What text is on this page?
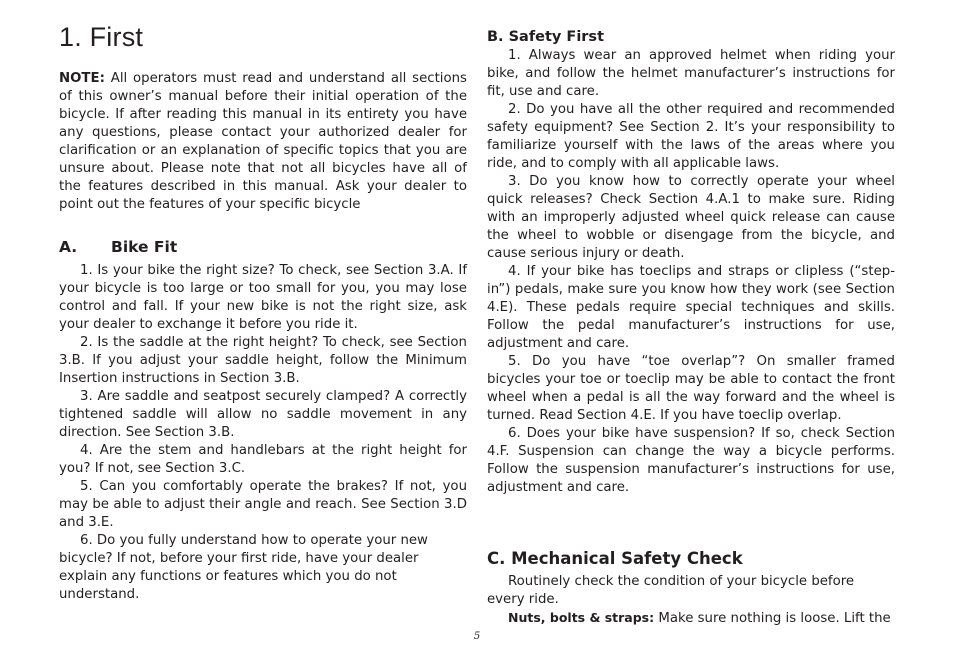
1. First

NOTE: All operators must read and understand all sections of this owner’s manual before their initial operation of the bicycle. If after reading this manual in its entirety you have any questions, please contact your authorized dealer for clarification or an explanation of specific topics that you are unsure about. Please note that not all bicycles have all of the features described in this manual. Ask your dealer to point out the features of your specific bicycle

A. Bike Fit

1. Is your bike the right size? To check, see Section 3.A. If your bicycle is too large or too small for you, you may lose control and fall. If your new bike is not the right size, ask your dealer to exchange it before you ride it.

2. Is the saddle at the right height? To check, see Section 3.B. If you adjust your saddle height, follow the Minimum Insertion instructions in Section 3.B.

3. Are saddle and seatpost securely clamped? A correctly tightened saddle will allow no saddle movement in any direction. See Section 3.B.

4. Are the stem and handlebars at the right height for you? If not, see Section 3.C.

5. Can you comfortably operate the brakes? If not, you may be able to adjust their angle and reach. See Section 3.D and 3.E.

6. Do you fully understand how to operate your new bicycle? If not, before your first ride, have your dealer explain any functions or features which you do not understand.

B. Safety First

1. Always wear an approved helmet when riding your bike, and follow the helmet manufacturer’s instructions for fit, use and care.

2. Do you have all the other required and recommended safety equipment? See Section 2. It’s your responsibility to familiarize yourself with the laws of the areas where you ride, and to comply with all applicable laws.

3. Do you know how to correctly operate your wheel quick releases? Check Section 4.A.1 to make sure. Riding with an improperly adjusted wheel quick release can cause the wheel to wobble or disengage from the bicycle, and cause serious injury or death.

4. If your bike has toeclips and straps or clipless (“step-in”) pedals, make sure you know how they work (see Section 4.E). These pedals require special techniques and skills. Follow the pedal manufacturer’s instructions for use, adjustment and care.

5. Do you have “toe overlap”? On smaller framed bicycles your toe or toeclip may be able to contact the front wheel when a pedal is all the way forward and the wheel is turned. Read Section 4.E. If you have toeclip overlap.

6. Does your bike have suspension? If so, check Section 4.F. Suspension can change the way a bicycle performs. Follow the suspension manufacturer’s instructions for use, adjustment and care.

C. Mechanical Safety Check

Routinely check the condition of your bicycle before every ride.

Nuts, bolts & straps: Make sure nothing is loose. Lift the

5
